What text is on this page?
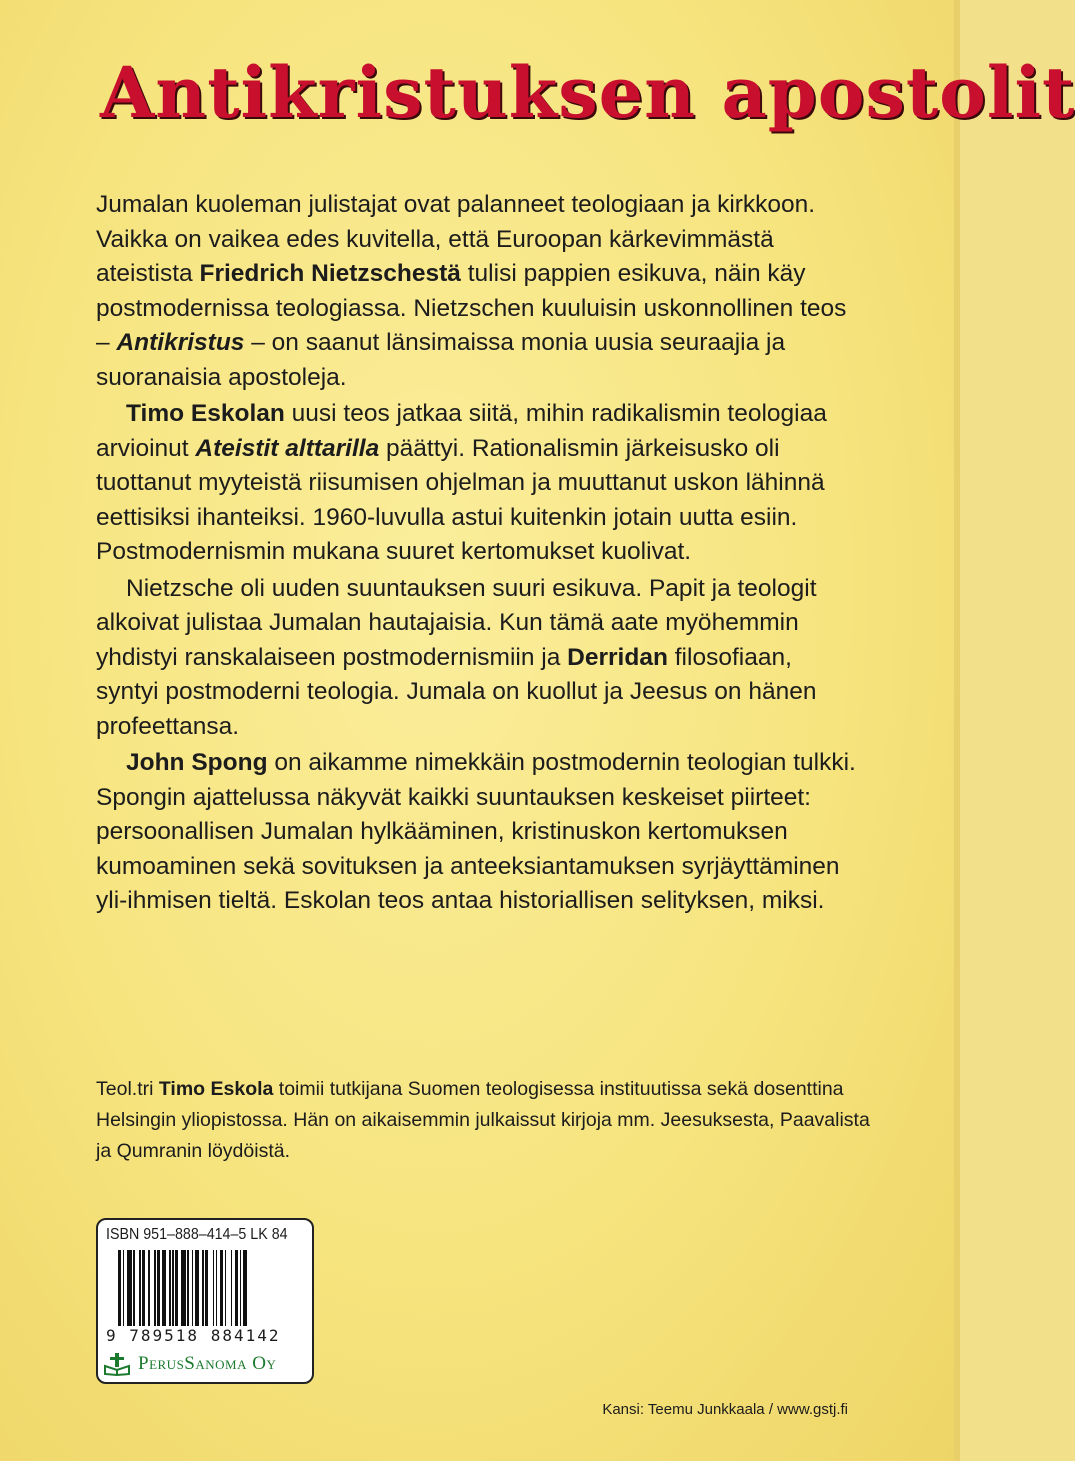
Antikristuksen apostolit

Jumalan kuoleman julistajat ovat palanneet teologiaan ja kirkkoon. Vaikka on vaikea edes kuvitella, että Euroopan kärkevimmästä ateistista Friedrich Nietzschestä tulisi pappien esikuva, näin käy postmodernissa teologiassa. Nietzschen kuuluisin uskonnollinen teos – Antikristus – on saanut länsimaissa monia uusia seuraajia ja suoranaisia apostoleja.

Timo Eskolan uusi teos jatkaa siitä, mihin radikalismin teologiaa arvioinut Ateistit alttarilla päättyi. Rationalismin järkeisusko oli tuottanut myyteistä riisumisen ohjelman ja muuttanut uskon lähinnä eettisiksi ihanteiksi. 1960-luvulla astui kuitenkin jotain uutta esiin. Postmodernismin mukana suuret kertomukset kuolivat.

Nietzsche oli uuden suuntauksen suuri esikuva. Papit ja teologit alkoivat julistaa Jumalan hautajaisia. Kun tämä aate myöhemmin yhdistyi ranskalaiseen postmodernismiin ja Derridan filosofiaan, syntyi postmoderni teologia. Jumala on kuollut ja Jeesus on hänen profeettansa.

John Spong on aikamme nimekkäin postmodernin teologian tulkki. Spongin ajattelussa näkyvät kaikki suuntauksen keskeiset piirteet: persoonallisen Jumalan hylkääminen, kristinuskon kertomuksen kumoaminen sekä sovituksen ja anteeksiantamuksen syrjäyttäminen yli-ihmisen tieltä. Eskolan teos antaa historiallisen selityksen, miksi.

Teol.tri Timo Eskola toimii tutkijana Suomen teologisessa instituutissa sekä dosenttina Helsingin yliopistossa. Hän on aikaisemmin julkaissut kirjoja mm. Jeesuksesta, Paavalista ja Qumranin löydöistä.

ISBN 951–888–414–5 LK 84
9 789518 884142
PerusSanoma Oy

Kansi: Teemu Junkkaala / www.gstj.fi
